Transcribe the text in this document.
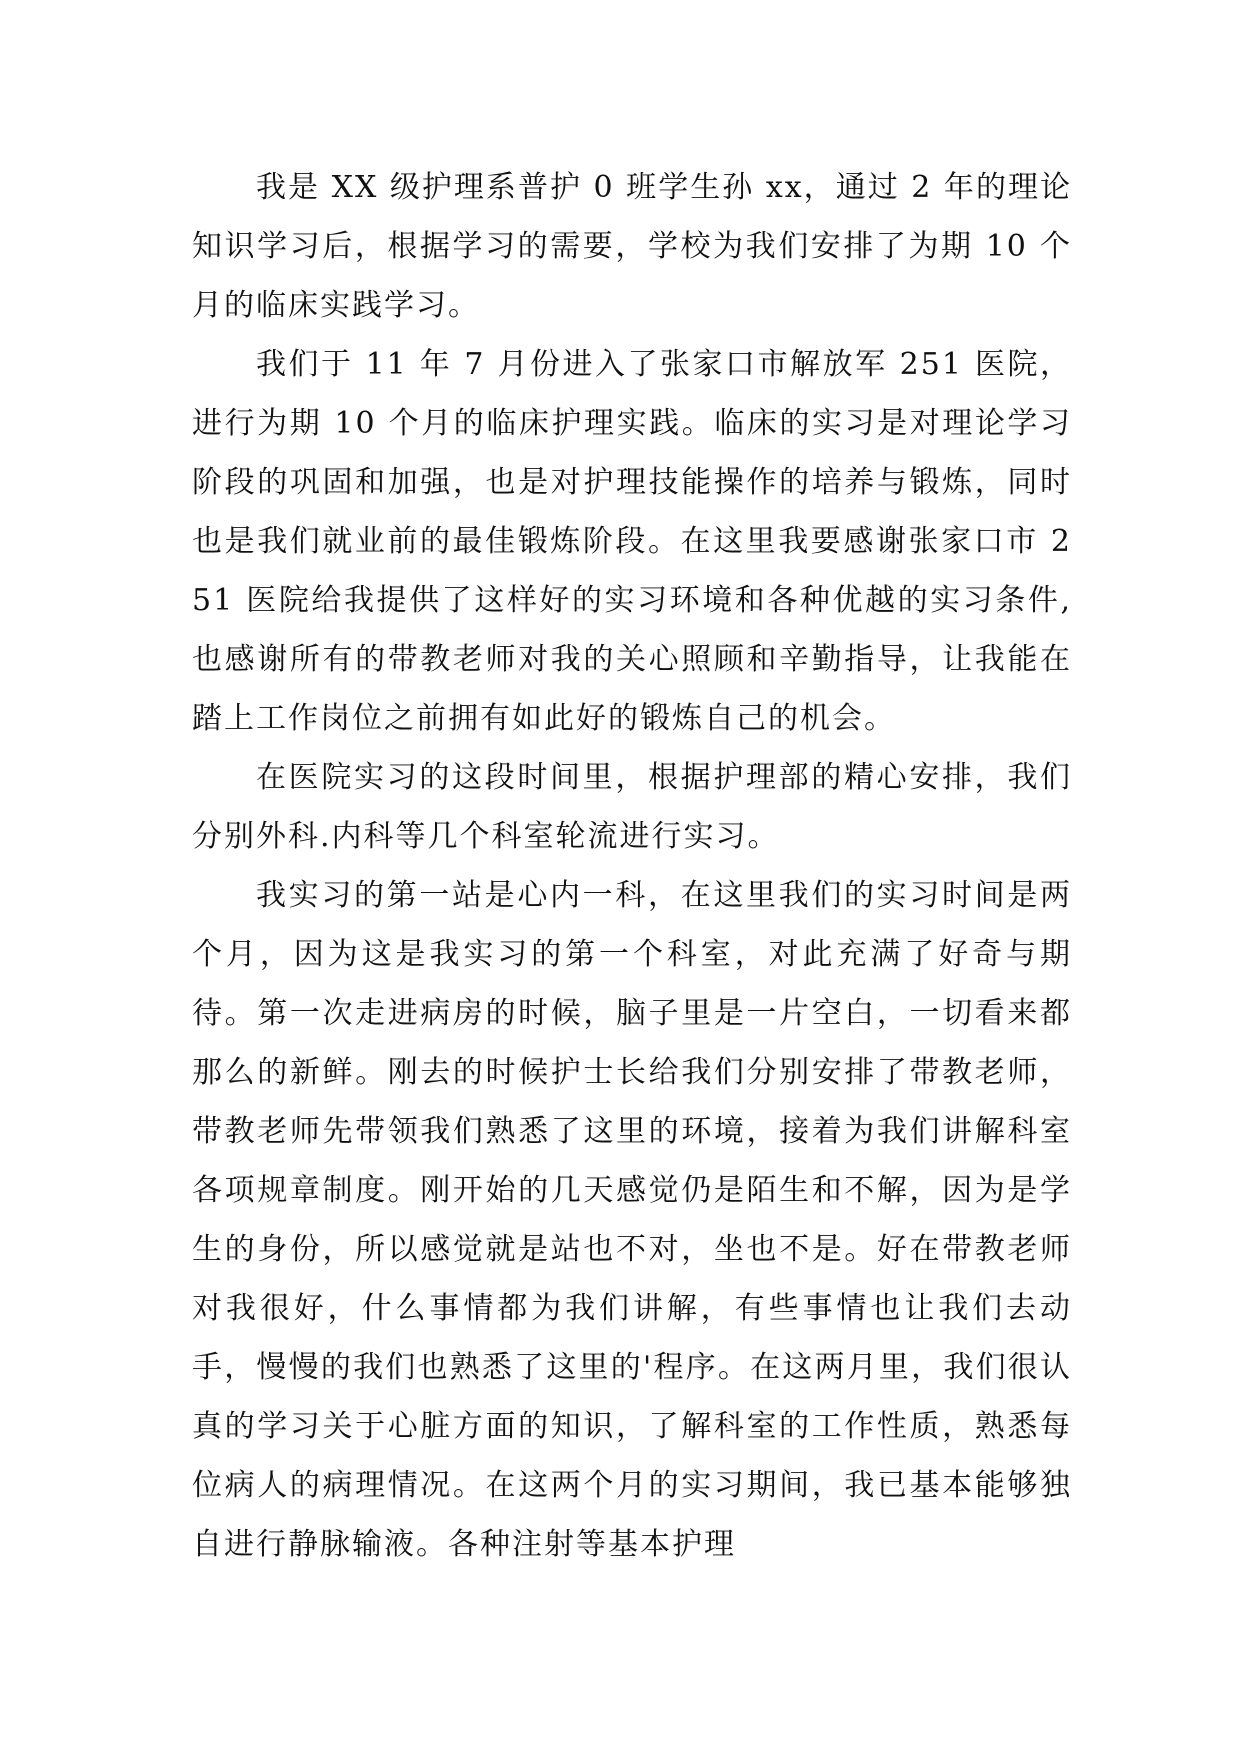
我是 XX 级护理系普护 0 班学生孙 xx，通过 2 年的理论知识学习后，根据学习的需要，学校为我们安排了为期 10 个月的临床实践学习。

我们于 11 年 7 月份进入了张家口市解放军 251 医院，进行为期 10 个月的临床护理实践。临床的实习是对理论学习阶段的巩固和加强，也是对护理技能操作的培养与锻炼，同时也是我们就业前的最佳锻炼阶段。在这里我要感谢张家口市 251 医院给我提供了这样好的实习环境和各种优越的实习条件,也感谢所有的带教老师对我的关心照顾和辛勤指导，让我能在踏上工作岗位之前拥有如此好的锻炼自己的机会。

在医院实习的这段时间里，根据护理部的精心安排，我们分别外科.内科等几个科室轮流进行实习。

我实习的第一站是心内一科，在这里我们的实习时间是两个月，因为这是我实习的第一个科室，对此充满了好奇与期待。第一次走进病房的时候，脑子里是一片空白，一切看来都那么的新鲜。刚去的时候护士长给我们分别安排了带教老师，带教老师先带领我们熟悉了这里的环境，接着为我们讲解科室各项规章制度。刚开始的几天感觉仍是陌生和不解，因为是学生的身份，所以感觉就是站也不对，坐也不是。好在带教老师对我很好，什么事情都为我们讲解，有些事情也让我们去动手，慢慢的我们也熟悉了这里的'程序。在这两月里，我们很认真的学习关于心脏方面的知识，了解科室的工作性质，熟悉每位病人的病理情况。在这两个月的实习期间，我已基本能够独自进行静脉输液。各种注射等基本护理
